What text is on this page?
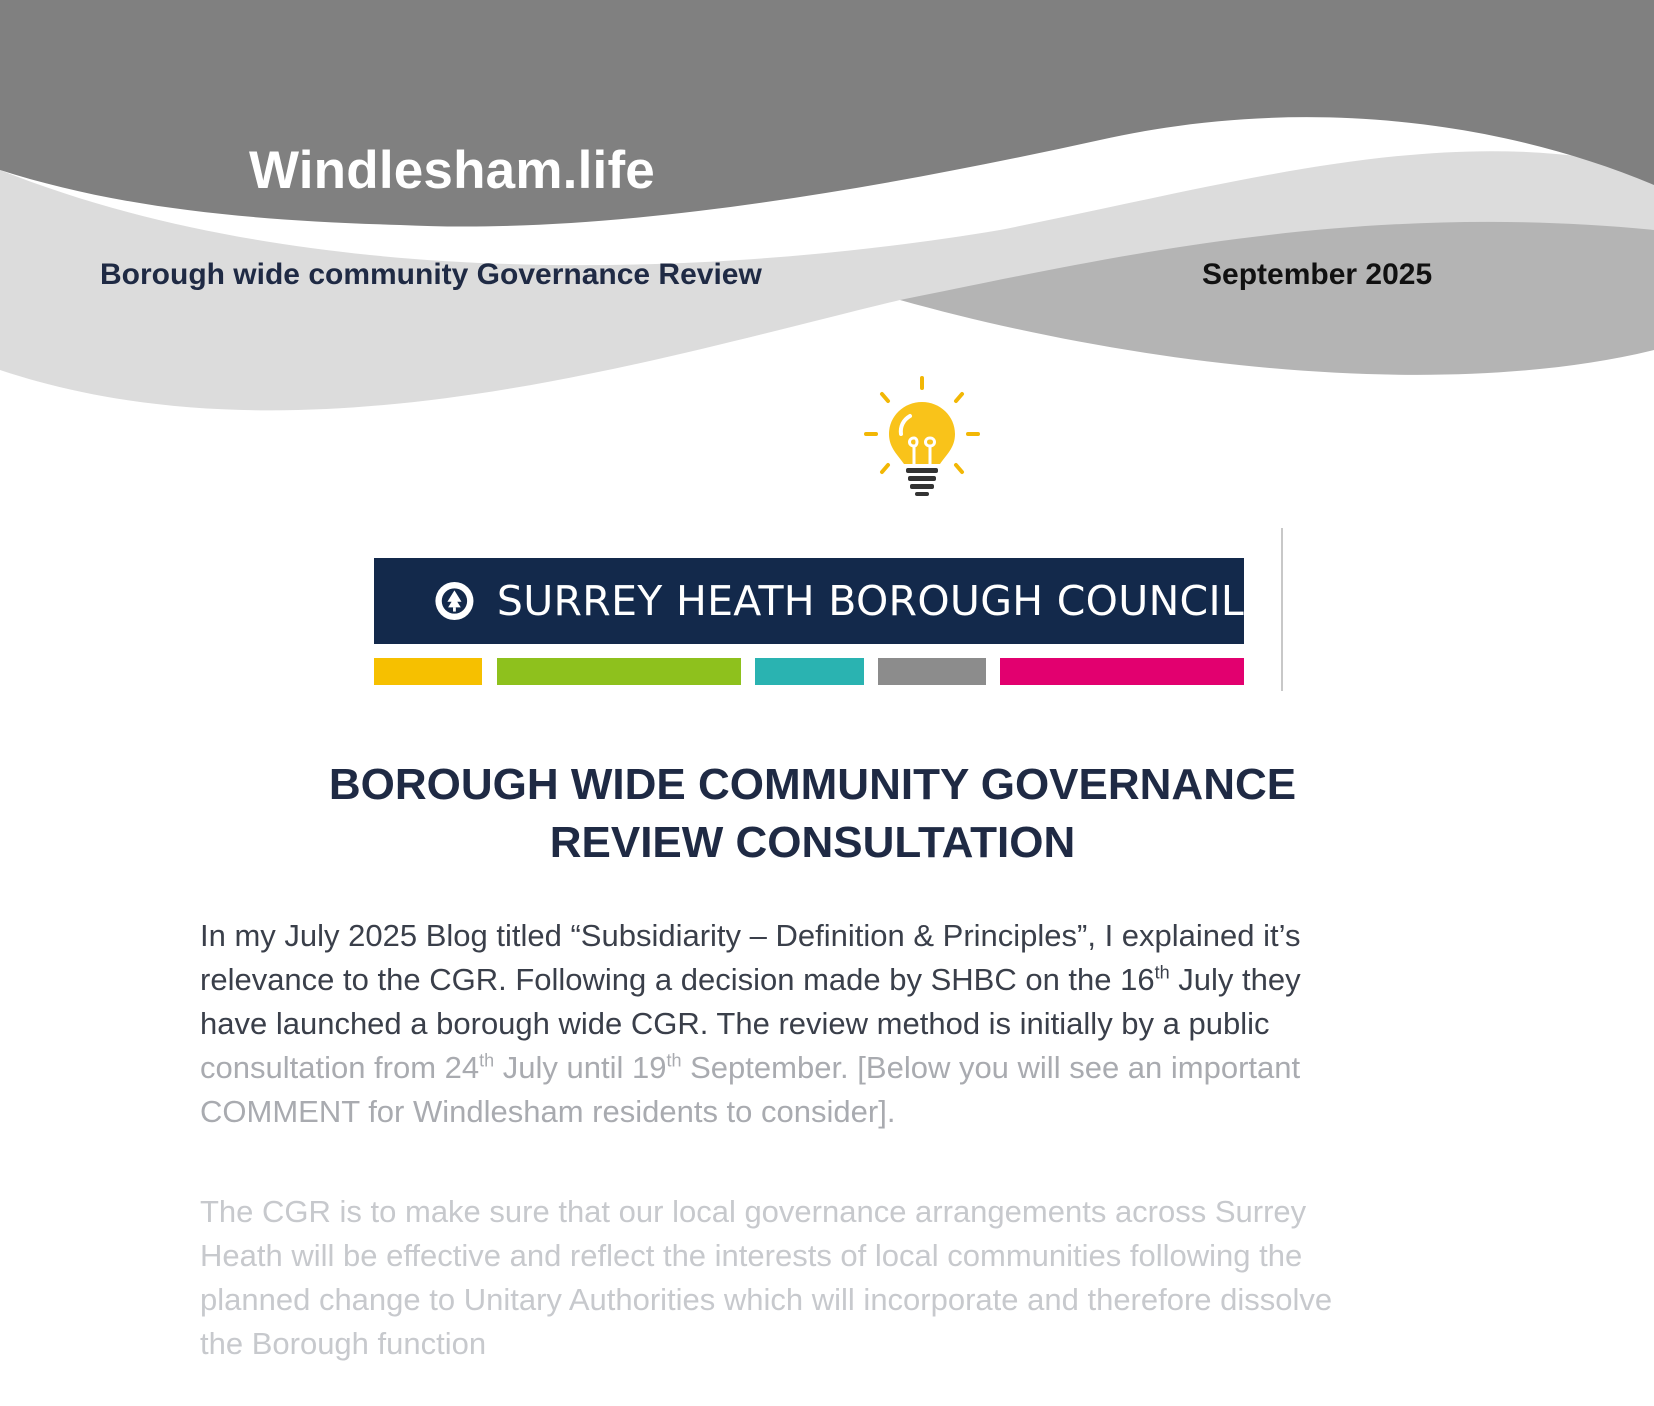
Windlesham.life
Borough wide community Governance Review	September 2025
SURREY HEATH BOROUGH COUNCIL
BOROUGH WIDE COMMUNITY GOVERNANCE
REVIEW CONSULTATION
In my July 2025 Blog titled “Subsidiarity – Definition & Principles”, I explained it’s
relevance to the CGR. Following a decision made by SHBC on the 16th July they
have launched a borough wide CGR. The review method is initially by a public
consultation from 24th July until 19th September. [Below you will see an important
COMMENT for Windlesham residents to consider].
The CGR is to make sure that our local governance arrangements across Surrey
Heath will be effective and reflect the interests of local communities following the
planned change to Unitary Authorities which will incorporate and therefore dissolve
the Borough function
